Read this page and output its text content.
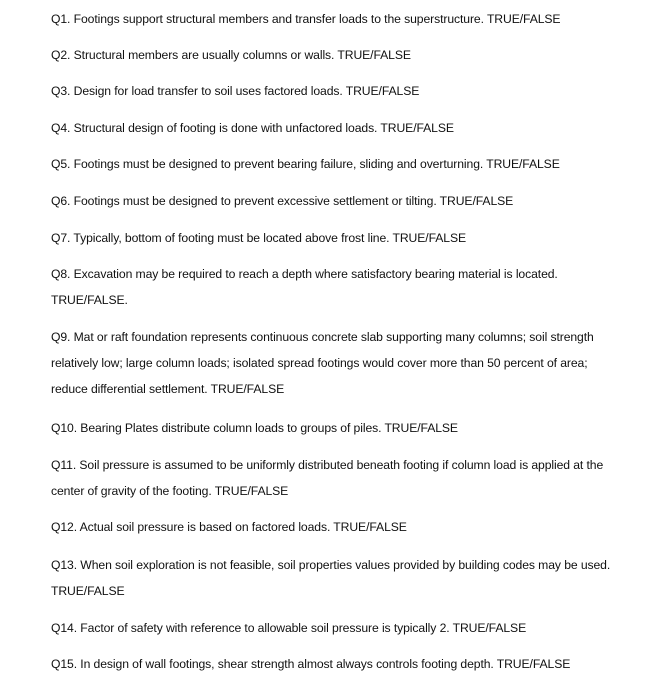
Q1. Footings support structural members and transfer loads to the superstructure. TRUE/FALSE

Q2. Structural members are usually columns or walls. TRUE/FALSE

Q3. Design for load transfer to soil uses factored loads. TRUE/FALSE

Q4. Structural design of footing is done with unfactored loads. TRUE/FALSE

Q5. Footings must be designed to prevent bearing failure, sliding and overturning. TRUE/FALSE

Q6. Footings must be designed to prevent excessive settlement or tilting. TRUE/FALSE

Q7. Typically, bottom of footing must be located above frost line. TRUE/FALSE

Q8. Excavation may be required to reach a depth where satisfactory bearing material is located. TRUE/FALSE.

Q9. Mat or raft foundation represents continuous concrete slab supporting many columns; soil strength relatively low; large column loads; isolated spread footings would cover more than 50 percent of area; reduce differential settlement. TRUE/FALSE

Q10. Bearing Plates distribute column loads to groups of piles. TRUE/FALSE

Q11. Soil pressure is assumed to be uniformly distributed beneath footing if column load is applied at the center of gravity of the footing. TRUE/FALSE

Q12. Actual soil pressure is based on factored loads. TRUE/FALSE

Q13. When soil exploration is not feasible, soil properties values provided by building codes may be used. TRUE/FALSE

Q14. Factor of safety with reference to allowable soil pressure is typically 2. TRUE/FALSE

Q15. In design of wall footings, shear strength almost always controls footing depth. TRUE/FALSE
